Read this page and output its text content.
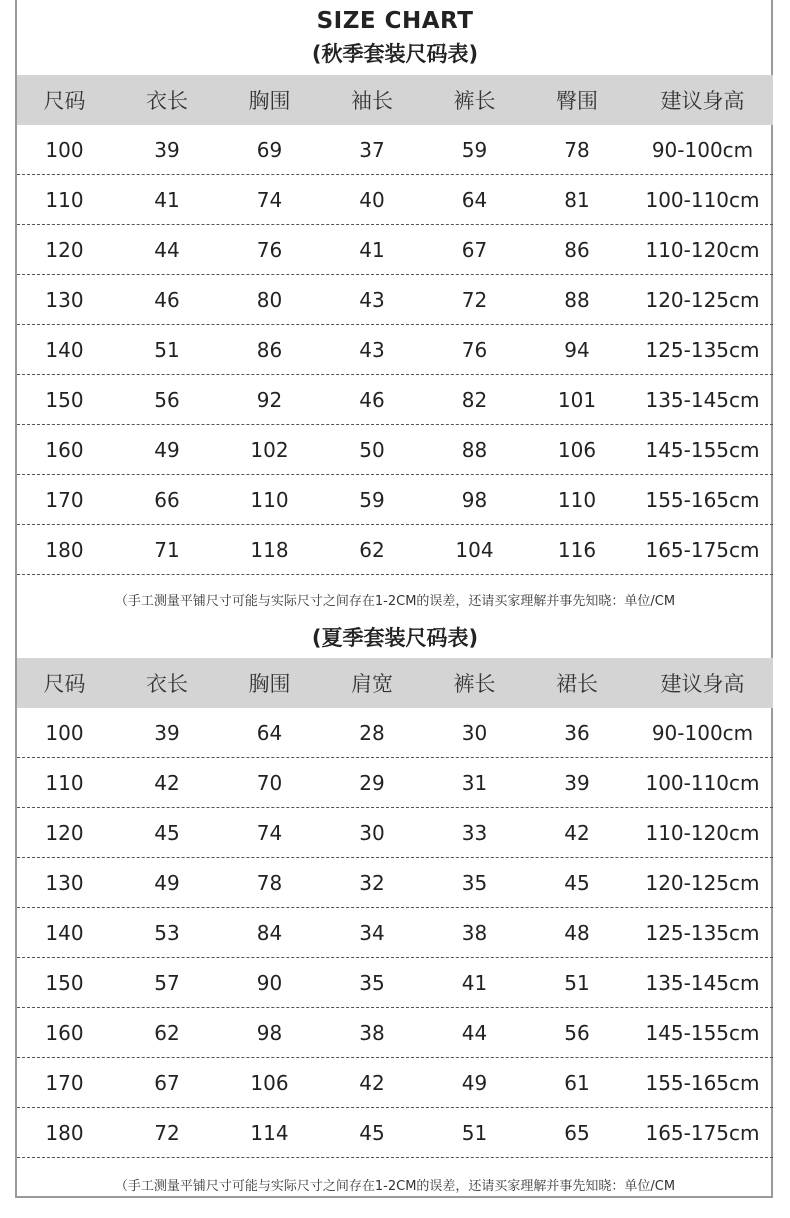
SIZE CHART
(秋季套装尺码表)
尺码	衣长	胸围	袖长	裤长	臀围	建议身高
100	39	69	37	59	78	90-100cm
110	41	74	40	64	81	100-110cm
120	44	76	41	67	86	110-120cm
130	46	80	43	72	88	120-125cm
140	51	86	43	76	94	125-135cm
150	56	92	46	82	101	135-145cm
160	49	102	50	88	106	145-155cm
170	66	110	59	98	110	155-165cm
180	71	118	62	104	116	165-175cm
（手工测量平铺尺寸可能与实际尺寸之间存在1-2CM的误差，还请买家理解并事先知晓：单位/CM
(夏季套装尺码表)
尺码	衣长	胸围	肩宽	裤长	裙长	建议身高
100	39	64	28	30	36	90-100cm
110	42	70	29	31	39	100-110cm
120	45	74	30	33	42	110-120cm
130	49	78	32	35	45	120-125cm
140	53	84	34	38	48	125-135cm
150	57	90	35	41	51	135-145cm
160	62	98	38	44	56	145-155cm
170	67	106	42	49	61	155-165cm
180	72	114	45	51	65	165-175cm
（手工测量平铺尺寸可能与实际尺寸之间存在1-2CM的误差，还请买家理解并事先知晓：单位/CM
